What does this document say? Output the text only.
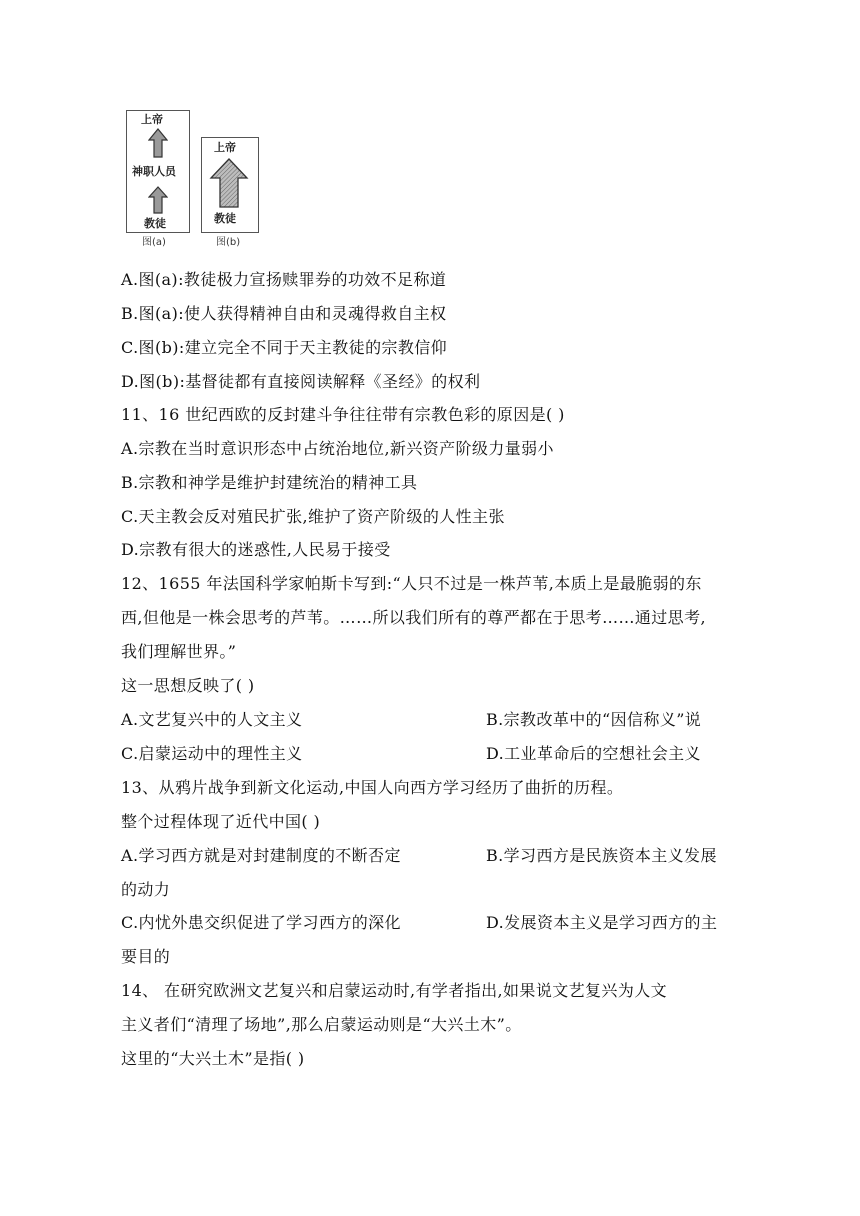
上帝
神职人员
教徒
图(a)
上帝
教徒
图(b)
A.图(a):教徒极力宣扬赎罪券的功效不足称道
B.图(a):使人获得精神自由和灵魂得救自主权
C.图(b):建立完全不同于天主教徒的宗教信仰
D.图(b):基督徒都有直接阅读解释《圣经》的权利
11、16 世纪西欧的反封建斗争往往带有宗教色彩的原因是( )
A.宗教在当时意识形态中占统治地位,新兴资产阶级力量弱小
B.宗教和神学是维护封建统治的精神工具
C.天主教会反对殖民扩张,维护了资产阶级的人性主张
D.宗教有很大的迷惑性,人民易于接受
12、1655 年法国科学家帕斯卡写到:“人只不过是一株芦苇,本质上是最脆弱的东
西,但他是一株会思考的芦苇。……所以我们所有的尊严都在于思考……通过思考,
我们理解世界。”
这一思想反映了( )
A.文艺复兴中的人文主义	B.宗教改革中的“因信称义”说
C.启蒙运动中的理性主义	D.工业革命后的空想社会主义
13、从鸦片战争到新文化运动,中国人向西方学习经历了曲折的历程。
整个过程体现了近代中国( )
A.学习西方就是对封建制度的不断否定	B.学习西方是民族资本主义发展
的动力
C.内忧外患交织促进了学习西方的深化	D.发展资本主义是学习西方的主
要目的
14、 在研究欧洲文艺复兴和启蒙运动时,有学者指出,如果说文艺复兴为人文
主义者们“清理了场地”,那么启蒙运动则是“大兴土木”。
这里的“大兴土木”是指( )
